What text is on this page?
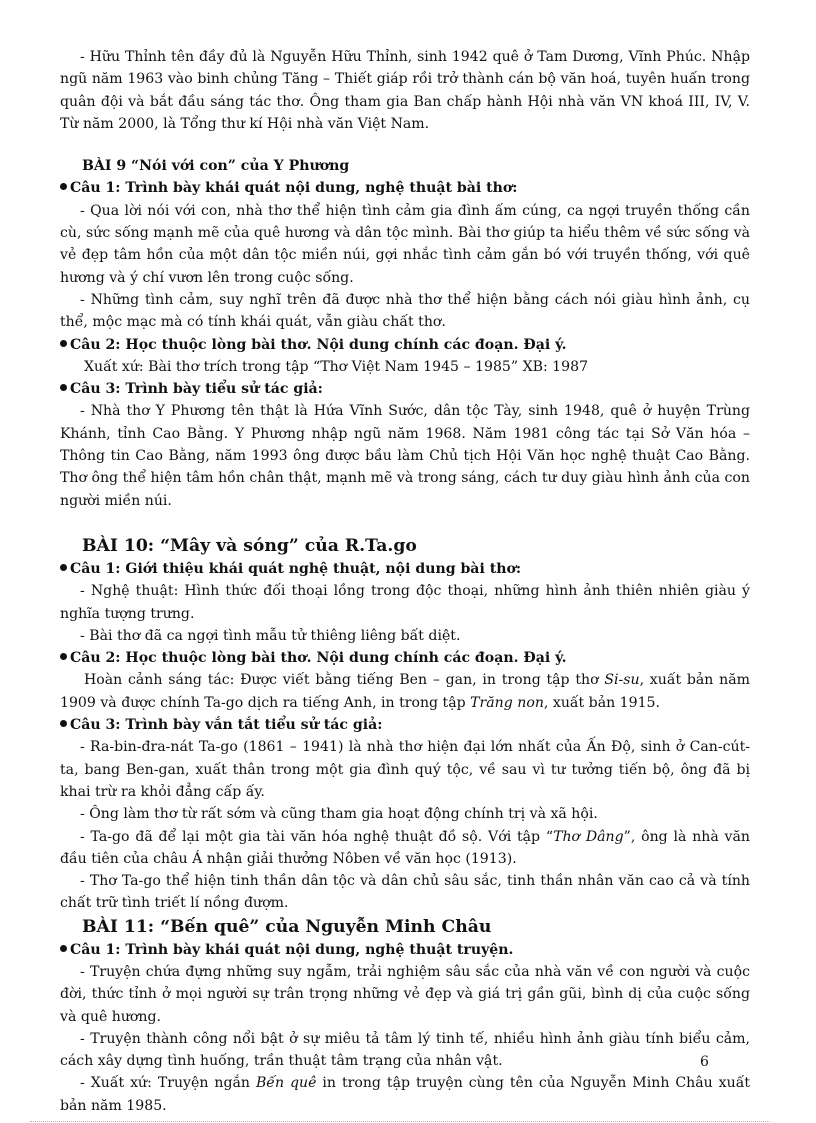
- Hữu Thỉnh tên đầy đủ là Nguyễn Hữu Thỉnh, sinh 1942 quê ở Tam Dương, Vĩnh Phúc. Nhập ngũ năm 1963 vào binh chủng Tăng – Thiết giáp rồi trở thành cán bộ văn hoá, tuyên huấn trong quân đội và bắt đầu sáng tác thơ. Ông tham gia Ban chấp hành Hội nhà văn VN khoá III, IV, V. Từ năm 2000, là Tổng thư kí Hội nhà văn Việt Nam.

BÀI 9 “Nói với con” của Y Phương

Câu 1: Trình bày khái quát nội dung, nghệ thuật bài thơ:

- Qua lời nói với con, nhà thơ thể hiện tình cảm gia đình ấm cúng, ca ngợi truyền thống cần cù, sức sống mạnh mẽ của quê hương và dân tộc mình. Bài thơ giúp ta hiểu thêm về sức sống và vẻ đẹp tâm hồn của một dân tộc miền núi, gợi nhắc tình cảm gắn bó với truyền thống, với quê hương và ý chí vươn lên trong cuộc sống.

- Những tình cảm, suy nghĩ trên đã được nhà thơ thể hiện bằng cách nói giàu hình ảnh, cụ thể, mộc mạc mà có tính khái quát, vẫn giàu chất thơ.

Câu 2: Học thuộc lòng bài thơ. Nội dung chính các đoạn. Đại ý.

Xuất xứ: Bài thơ trích trong tập “Thơ Việt Nam 1945 – 1985” XB: 1987

Câu 3: Trình bày tiểu sử tác giả:

- Nhà thơ Y Phương tên thật là Hứa Vĩnh Sước, dân tộc Tày, sinh 1948, quê ở huyện Trùng Khánh, tỉnh Cao Bằng. Y Phương nhập ngũ năm 1968. Năm 1981 công tác tại Sở Văn hóa – Thông tin Cao Bằng, năm 1993 ông được bầu làm Chủ tịch Hội Văn học nghệ thuật Cao Bằng. Thơ ông thể hiện tâm hồn chân thật, mạnh mẽ và trong sáng, cách tư duy giàu hình ảnh của con người miền núi.

BÀI 10: “Mây và sóng” của R.Ta.go

Câu 1: Giới thiệu khái quát nghệ thuật, nội dung bài thơ:

- Nghệ thuật: Hình thức đối thoại lồng trong độc thoại, những hình ảnh thiên nhiên giàu ý nghĩa tượng trưng.

- Bài thơ đã ca ngợi tình mẫu tử thiêng liêng bất diệt.

Câu 2: Học thuộc lòng bài thơ. Nội dung chính các đoạn. Đại ý.

Hoàn cảnh sáng tác: Được viết bằng tiếng Ben – gan, in trong tập thơ Si-su, xuất bản năm 1909 và được chính Ta-go dịch ra tiếng Anh, in trong tập Trăng non, xuất bản 1915.

Câu 3: Trình bày vắn tắt tiểu sử tác giả:

- Ra-bin-đra-nát Ta-go (1861 – 1941) là nhà thơ hiện đại lớn nhất của Ấn Độ, sinh ở Can-cút-ta, bang Ben-gan, xuất thân trong một gia đình quý tộc, về sau vì tư tưởng tiến bộ, ông đã bị khai trừ ra khỏi đẳng cấp ấy.

- Ông làm thơ từ rất sớm và cũng tham gia hoạt động chính trị và xã hội.

- Ta-go đã để lại một gia tài văn hóa nghệ thuật đồ sộ. Với tập “Thơ Dâng”, ông là nhà văn đầu tiên của châu Á nhận giải thưởng Nôben về văn học (1913).

- Thơ Ta-go thể hiện tinh thần dân tộc và dân chủ sâu sắc, tinh thần nhân văn cao cả và tính chất trữ tình triết lí nồng đượm.

BÀI 11: “Bến quê” của Nguyễn Minh Châu

Câu 1: Trình bày khái quát nội dung, nghệ thuật truyện.

- Truyện chứa đựng những suy ngẫm, trải nghiệm sâu sắc của nhà văn về con người và cuộc đời, thức tỉnh ở mọi người sự trân trọng những vẻ đẹp và giá trị gần gũi, bình dị của cuộc sống và quê hương.

- Truyện thành công nổi bật ở sự miêu tả tâm lý tinh tế, nhiều hình ảnh giàu tính biểu cảm, cách xây dựng tình huống, trần thuật tâm trạng của nhân vật.

- Xuất xứ: Truyện ngắn Bến quê in trong tập truyện cùng tên của Nguyễn Minh Châu xuất bản năm 1985.

6
